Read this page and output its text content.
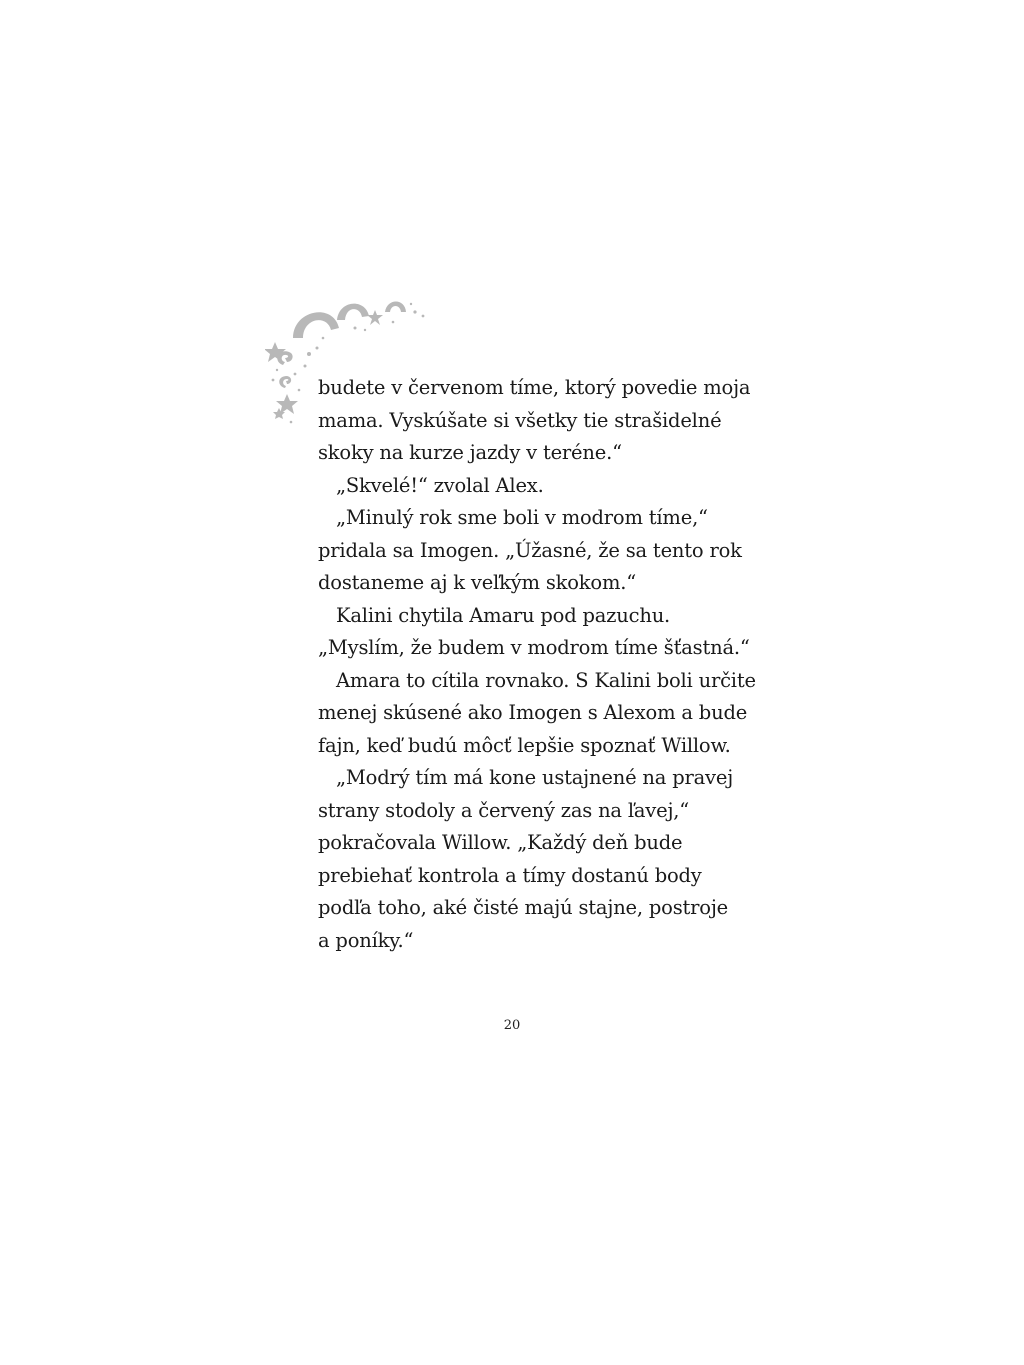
budete v červenom tíme, ktorý povedie moja
mama. Vyskúšate si všetky tie strašidelné
skoky na kurze jazdy v teréne.“
„Skvelé!“ zvolal Alex.
„Minulý rok sme boli v modrom tíme,“
pridala sa Imogen. „Úžasné, že sa tento rok
dostaneme aj k veľkým skokom.“
Kalini chytila Amaru pod pazuchu.
„Myslím, že budem v modrom tíme šťastná.“
Amara to cítila rovnako. S Kalini boli určite
menej skúsené ako Imogen s Alexom a bude
fajn, keď budú môcť lepšie spoznať Willow.
„Modrý tím má kone ustajnené na pravej
strany stodoly a červený zas na ľavej,“
pokračovala Willow. „Každý deň bude
prebiehať kontrola a tímy dostanú body
podľa toho, aké čisté majú stajne, postroje
a poníky.“
20
